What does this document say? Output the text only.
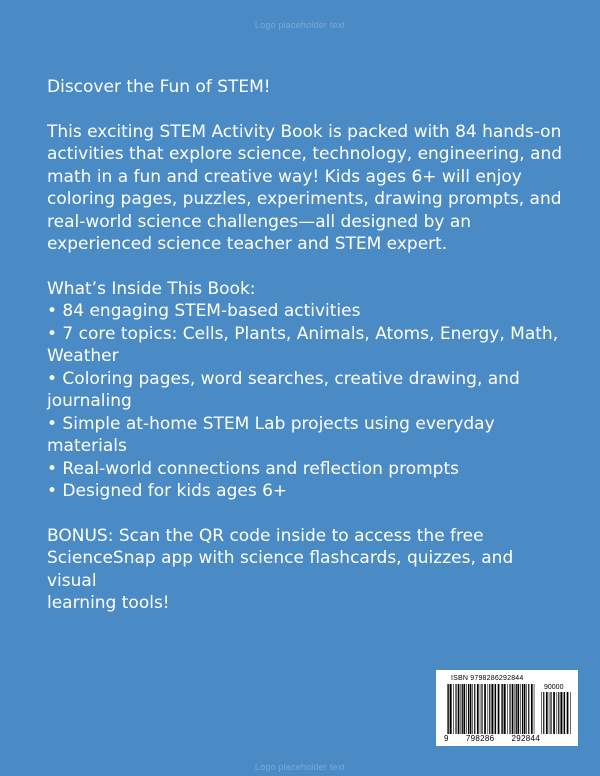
Logo placeholder text

Discover the Fun of STEM!

This exciting STEM Activity Book is packed with 84 hands-on

activities that explore science, technology, engineering, and

math in a fun and creative way! Kids ages 6+ will enjoy

coloring pages, puzzles, experiments, drawing prompts, and

real-world science challenges—all designed by an

experienced science teacher and STEM expert.

What’s Inside This Book:

• 84 engaging STEM-based activities

• 7 core topics: Cells, Plants, Animals, Atoms, Energy, Math,

Weather

• Coloring pages, word searches, creative drawing, and

journaling

• Simple at-home STEM Lab projects using everyday

materials

• Real-world connections and reflection prompts

• Designed for kids ages 6+

BONUS: Scan the QR code inside to access the free

ScienceSnap app with science flashcards, quizzes, and visual

learning tools!

ISBN 9798286292844
90000
9 798286 292844
Logo placeholder text
